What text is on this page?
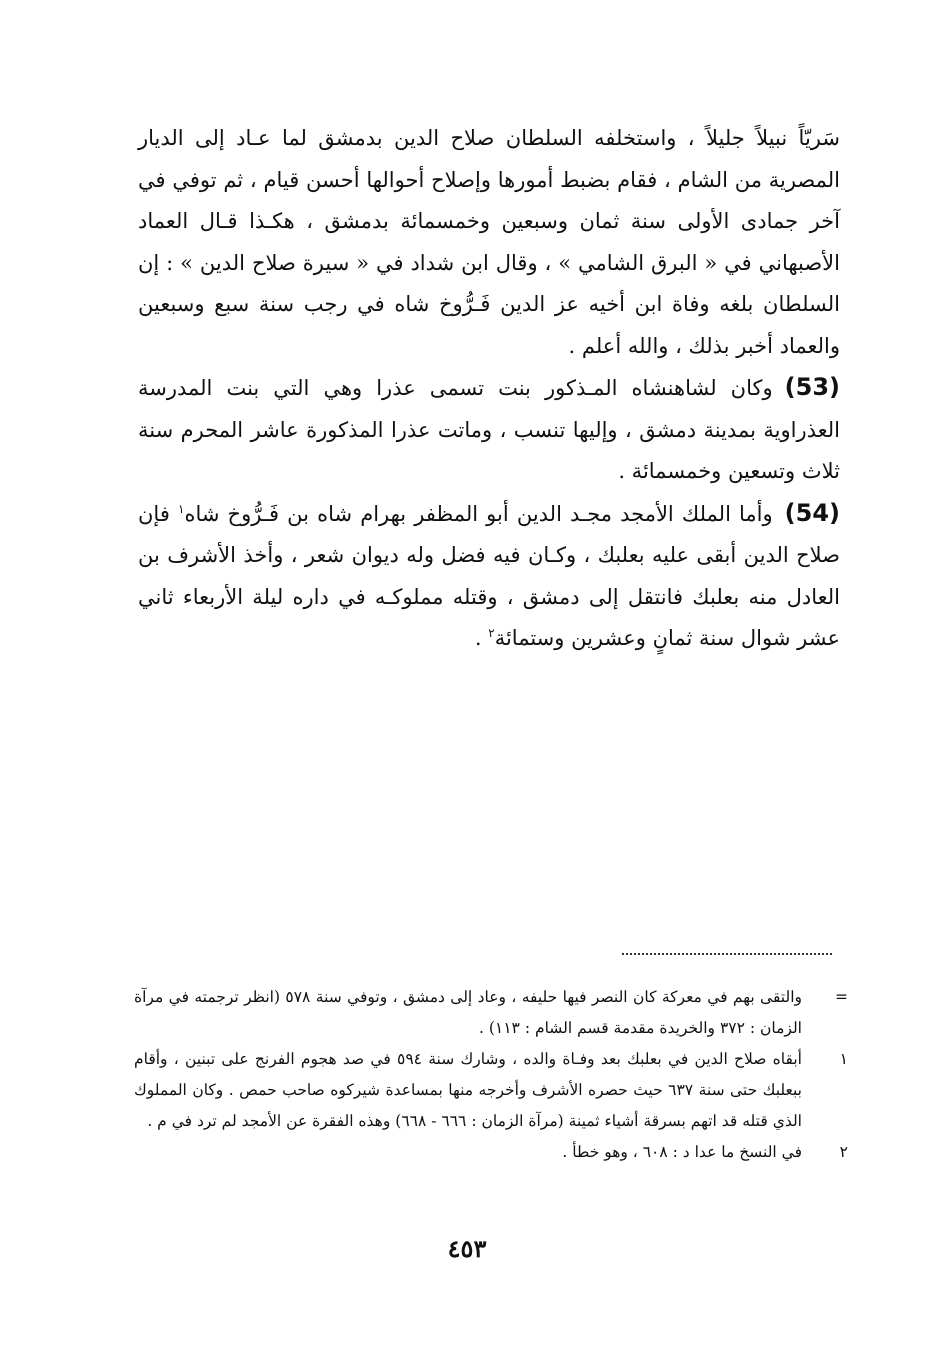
سَريّاً نبيلاً جليلاً ، واستخلفه السلطان صلاح الدين بدمشق لما عـاد إلى الديار المصرية من الشام ، فقام بضبط أمورها وإصلاح أحوالها أحسن قيام ، ثم توفي في آخر جمادى الأولى سنة ثمان وسبعين وخمسمائة بدمشق ، هكـذا قـال العماد الأصبهاني في « البرق الشامي » ، وقال ابن شداد في « سيرة صلاح الدين » : إن السلطان بلغه وفاة ابن أخيه عز الدين فَـرُّوخ شاه في رجب سنة سبع وسبعين والعماد أخبر بذلك ، والله أعلم .

(53)وكان لشاهنشاه المـذكور بنت تسمى عذرا وهي التي بنت المدرسة العذراوية بمدينة دمشق ، وإليها تنسب ، وماتت عذرا المذكورة عاشر المحرم سنة ثلاث وتسعين وخمسمائة .

(54)وأما الملك الأمجد مجـد الدين أبو المظفر بهرام شاه بن فَـرُّوخ شاه$^١$ فإن صلاح الدين أبقى عليه بعلبك ، وكـان فيه فضل وله ديوان شعر ، وأخذ الأشرف بن العادل منه بعلبك فانتقل إلى دمشق ، وقتله مملوكـه في داره ليلة الأربعاء ثاني عشر شوال سنة ثمانٍ وعشرين وستمائة$^٢$ .

=
والتقى بهم في معركة كان النصر فيها حليفه ، وعاد إلى دمشق ، وتوفي سنة ٥٧٨ (انظر ترجمته في مرآة الزمان : ٣٧٢ والخريدة مقدمة قسم الشام : ١١٣) .

١
أبقاه صلاح الدين في بعلبك بعد وفـاة والده ، وشارك سنة ٥٩٤ في صد هجوم الفرنج على تبنين ، وأقام ببعلبك حتى سنة ٦٣٧ حيث حصره الأشرف وأخرجه منها بمساعدة شيركوه صاحب حمص . وكان المملوك الذي قتله قد اتهم بسرقة أشياء ثمينة (مرآة الزمان : ٦٦٦ - ٦٦٨) وهذه الفقرة عن الأمجد لم ترد في م .

٢
في النسخ ما عدا د : ٦٠٨ ، وهو خطأ .

٤٥٣
